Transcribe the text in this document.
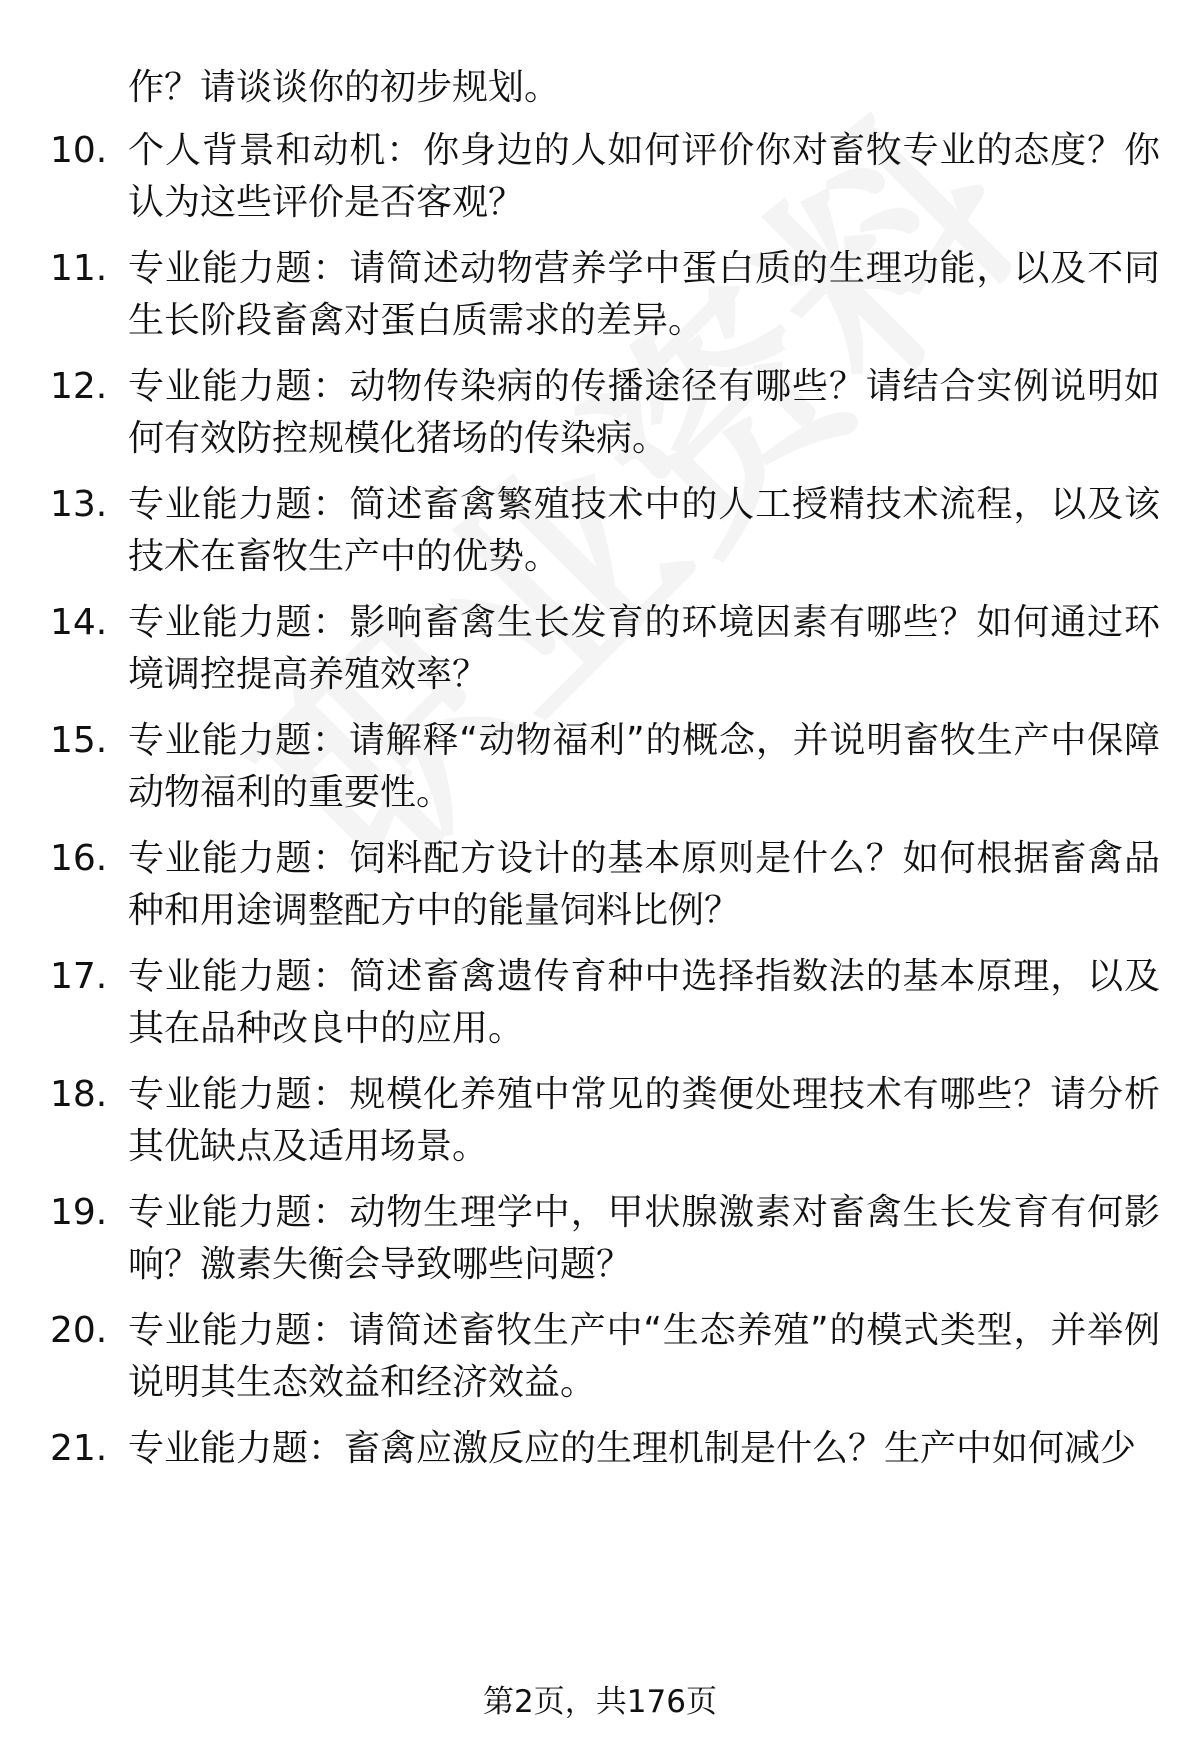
作？请谈谈你的初步规划。

10. 个人背景和动机：你身边的人如何评价你对畜牧专业的态度？你认为这些评价是否客观？
11. 专业能力题：请简述动物营养学中蛋白质的生理功能，以及不同生长阶段畜禽对蛋白质需求的差异。
12. 专业能力题：动物传染病的传播途径有哪些？请结合实例说明如何有效防控规模化猪场的传染病。
13. 专业能力题：简述畜禽繁殖技术中的人工授精技术流程，以及该技术在畜牧生产中的优势。
14. 专业能力题：影响畜禽生长发育的环境因素有哪些？如何通过环境调控提高养殖效率？
15. 专业能力题：请解释“动物福利”的概念，并说明畜牧生产中保障动物福利的重要性。
16. 专业能力题：饲料配方设计的基本原则是什么？如何根据畜禽品种和用途调整配方中的能量饲料比例？
17. 专业能力题：简述畜禽遗传育种中选择指数法的基本原理，以及其在品种改良中的应用。
18. 专业能力题：规模化养殖中常见的粪便处理技术有哪些？请分析其优缺点及适用场景。
19. 专业能力题：动物生理学中，甲状腺激素对畜禽生长发育有何影响？激素失衡会导致哪些问题？
20. 专业能力题：请简述畜牧生产中“生态养殖”的模式类型，并举例说明其生态效益和经济效益。
21. 专业能力题：畜禽应激反应的生理机制是什么？生产中如何减少
第2页，共176页
